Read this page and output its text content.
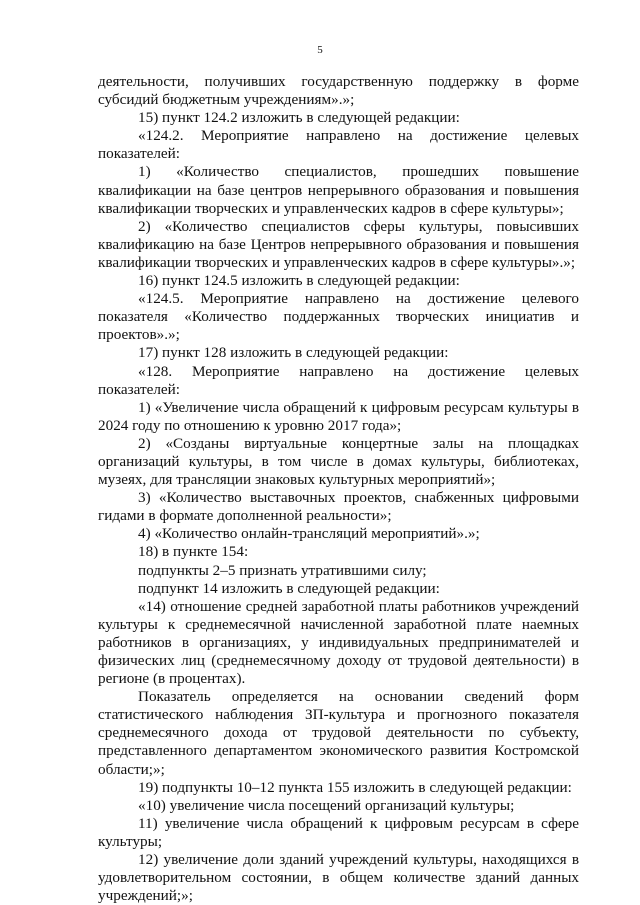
5

деятельности, получивших государственную поддержку в форме субсидий бюджетным учреждениям».»;

15) пункт 124.2 изложить в следующей редакции:

«124.2. Мероприятие направлено на достижение целевых показателей:

1) «Количество специалистов, прошедших повышение квалификации на базе центров непрерывного образования и повышения квалификации творческих и управленческих кадров в сфере культуры»;

2) «Количество специалистов сферы культуры, повысивших квалификацию на базе Центров непрерывного образования и повышения квалификации творческих и управленческих кадров в сфере культуры».»;

16) пункт 124.5 изложить в следующей редакции:

«124.5. Мероприятие направлено на достижение целевого показателя «Количество поддержанных творческих инициатив и проектов».»;

17) пункт 128 изложить в следующей редакции:

«128. Мероприятие направлено на достижение целевых показателей:

1) «Увеличение числа обращений к цифровым ресурсам культуры в 2024 году по отношению к уровню 2017 года»;

2) «Созданы виртуальные концертные залы на площадках организаций культуры, в том числе в домах культуры, библиотеках, музеях, для трансляции знаковых культурных мероприятий»;

3) «Количество выставочных проектов, снабженных цифровыми гидами в формате дополненной реальности»;

4) «Количество онлайн-трансляций мероприятий».»;

18) в пункте 154:

подпункты 2–5 признать утратившими силу;

подпункт 14 изложить в следующей редакции:

«14) отношение средней заработной платы работников учреждений культуры к среднемесячной начисленной заработной плате наемных работников в организациях, у индивидуальных предпринимателей и физических лиц (среднемесячному доходу от трудовой деятельности) в регионе (в процентах).

Показатель определяется на основании сведений форм статистического наблюдения ЗП-культура и прогнозного показателя среднемесячного дохода от трудовой деятельности по субъекту, представленного департаментом экономического развития Костромской области;»;

19) подпункты 10–12 пункта 155 изложить в следующей редакции:

«10) увеличение числа посещений организаций культуры;

11) увеличение числа обращений к цифровым ресурсам в сфере культуры;

12) увеличение доли зданий учреждений культуры, находящихся в удовлетворительном состоянии, в общем количестве зданий данных учреждений;»;
